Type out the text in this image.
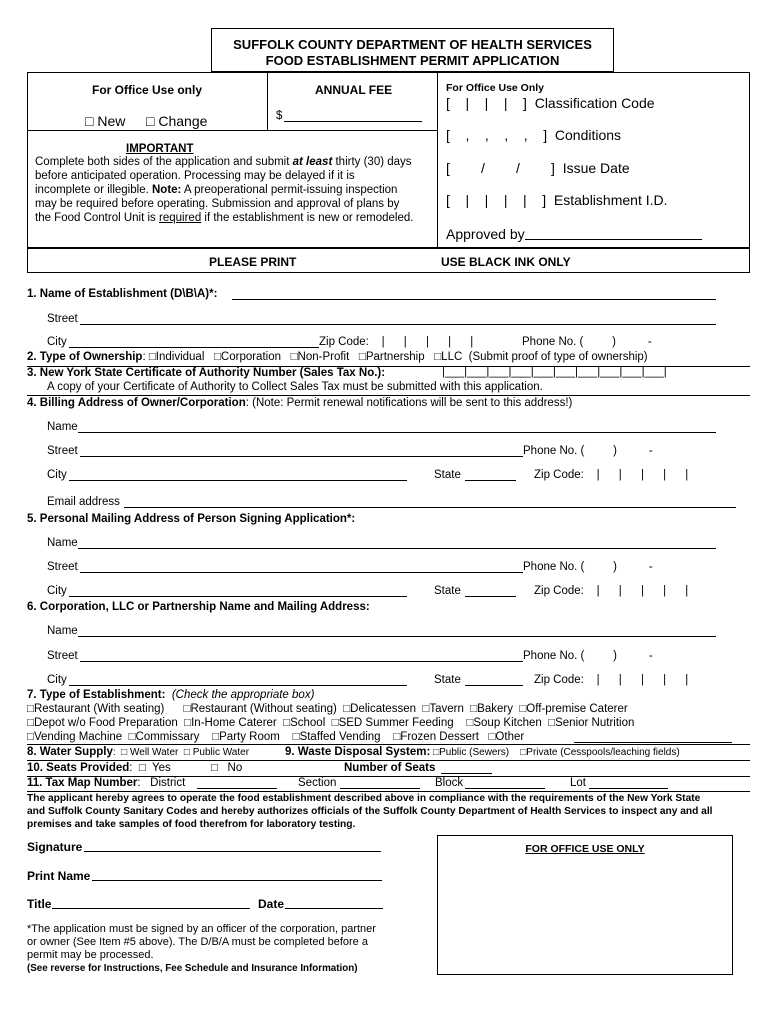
SUFFOLK COUNTY DEPARTMENT OF HEALTH SERVICES
FOOD ESTABLISHMENT PERMIT APPLICATION
For Office Use only	ANNUAL FEE
□ New □ Change	$
For Office Use Only
[    |    |    |    ]  Classification Code
[    ,    ,    ,    ,    ]  Conditions
[        /        /        ]  Issue Date
[    |    |    |    |    ]  Establishment I.D.
Approved by
IMPORTANT
Complete both sides of the application and submit at least thirty (30) days
before anticipated operation. Processing may be delayed if it is
incomplete or illegible. Note: A preoperational permit-issuing inspection
may be required before operating. Submission and approval of plans by
the Food Control Unit is required if the establishment is new or remodeled.
PLEASE PRINT	USE BLACK INK ONLY
1. Name of Establishment (D\B\A)*:
Street
City	Zip Code:    |      |      |      |      |	Phone No. (         )          -
2. Type of Ownership: □Individual   □Corporation   □Non-Profit   □Partnership   □LLC  (Submit proof of type of ownership)
3. New York State Certificate of Authority Number (Sales Tax No.):	|___|___|___|___|___|___|___|___|___|___|
A copy of your Certificate of Authority to Collect Sales Tax must be submitted with this application.
4. Billing Address of Owner/Corporation: (Note: Permit renewal notifications will be sent to this address!)
Name
Street	Phone No. (         )          -
City	State	Zip Code:    |      |      |      |      |
Email address
5. Personal Mailing Address of Person Signing Application*:
Name
Street	Phone No. (         )          -
City	State	Zip Code:    |      |      |      |      |
6. Corporation, LLC or Partnership Name and Mailing Address:
Name
Street	Phone No. (         )          -
City	State	Zip Code:    |      |      |      |      |
7. Type of Establishment: (Check the appropriate box)
□Restaurant (With seating)      □Restaurant (Without seating)  □Delicatessen  □Tavern  □Bakery  □Off-premise Caterer
□Depot w/o Food Preparation  □In-Home Caterer  □School  □SED Summer Feeding    □Soup Kitchen  □Senior Nutrition
□Vending Machine  □Commissary    □Party Room    □Staffed Vending    □Frozen Dessert   □Other
8. Water Supply:  □ Well Water  □ Public Water	9. Waste Disposal System: □Public (Sewers)    □Private (Cesspools/leaching fields)
10. Seats Provided:  □  Yes	□   No	Number of Seats
11. Tax Map Number:   District	Section	Block	Lot
The applicant hereby agrees to operate the food establishment described above in compliance with the requirements of the New York State
and Suffolk County Sanitary Codes and hereby authorizes officials of the Suffolk County Department of Health Services to inspect any and all
premises and take samples of food therefrom for laboratory testing.
Signature
Print Name
Title	Date
*The application must be signed by an officer of the corporation, partner
or owner (See Item #5 above). The D/B/A must be completed before a
permit may be processed.
(See reverse for Instructions, Fee Schedule and Insurance Information)
FOR OFFICE USE ONLY
